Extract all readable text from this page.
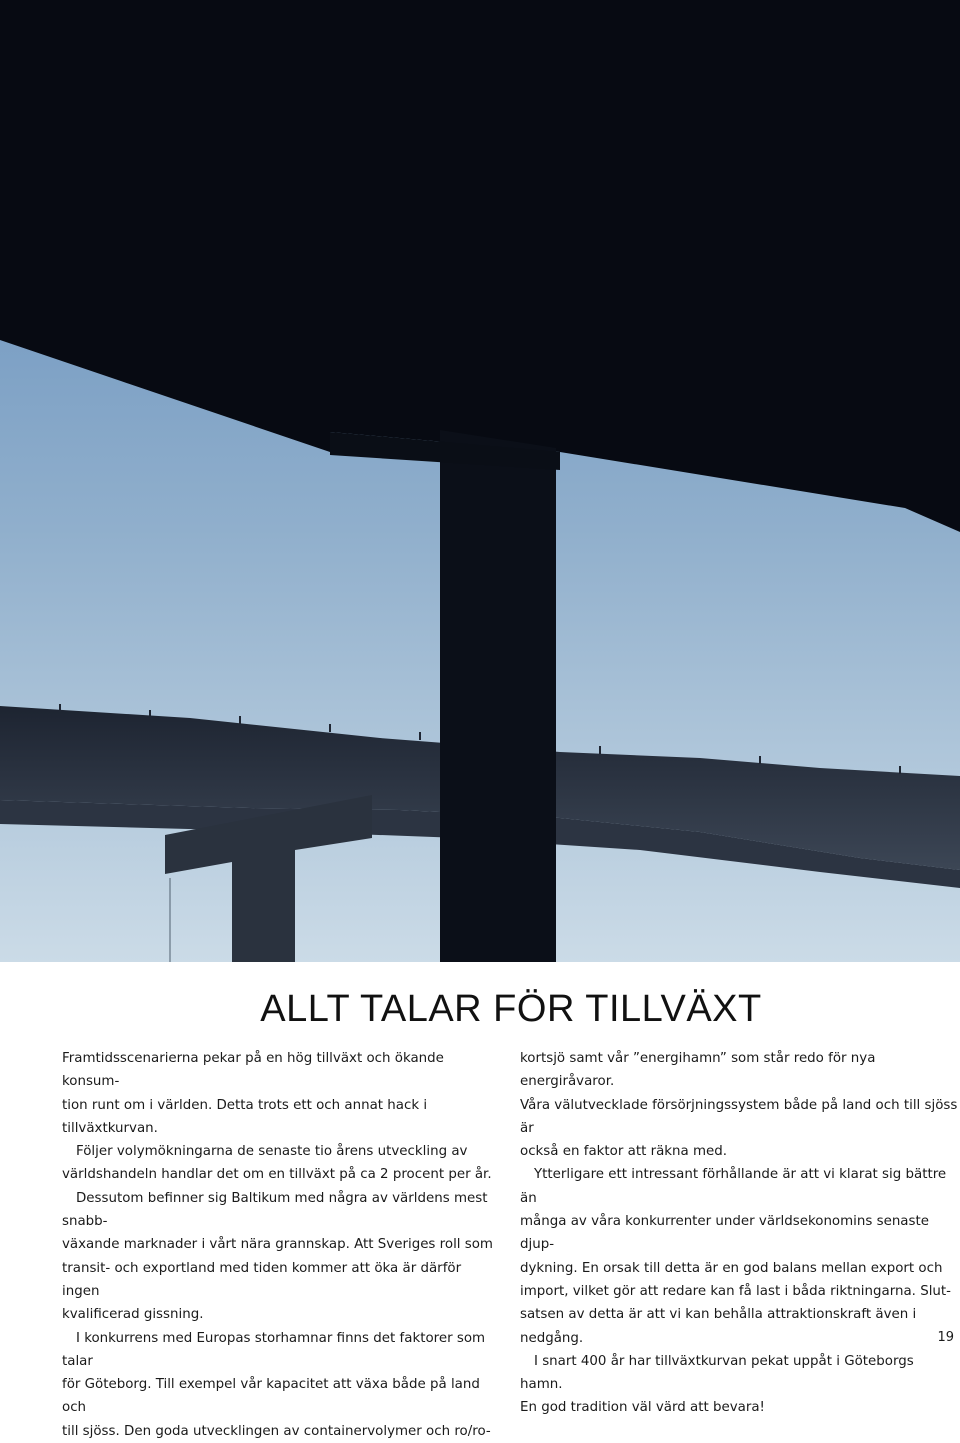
ALLT TALAR FÖR TILLVÄXT

Framtidsscenarierna pekar på en hög tillväxt och ökande konsum-

tion runt om i världen. Detta trots ett och annat hack i tillväxtkurvan.

Följer volymökningarna de senaste tio årens utveckling av

världshandeln handlar det om en tillväxt på ca 2 procent per år.

Dessutom befinner sig Baltikum med några av världens mest snabb-

växande marknader i vårt nära grannskap. Att Sveriges roll som

transit- och exportland med tiden kommer att öka är därför ingen

kvalificerad gissning.

I konkurrens med Europas storhamnar finns det faktorer som talar

för Göteborg. Till exempel vår kapacitet att växa både på land och

till sjöss. Den goda utvecklingen av containervolymer och ro/ro-

kortsjö samt vår ”energihamn” som står redo för nya energiråvaror.

Våra välutvecklade försörjningssystem både på land och till sjöss är

också en faktor att räkna med.

Ytterligare ett intressant förhållande är att vi klarat sig bättre än

många av våra konkurrenter under världsekonomins senaste djup-

dykning. En orsak till detta är en god balans mellan export och

import, vilket gör att redare kan få last i båda riktningarna. Slut-

satsen av detta är att vi kan behålla attraktionskraft även i nedgång.

I snart 400 år har tillväxtkurvan pekat uppåt i Göteborgs hamn.

En god tradition väl värd att bevara!

19
